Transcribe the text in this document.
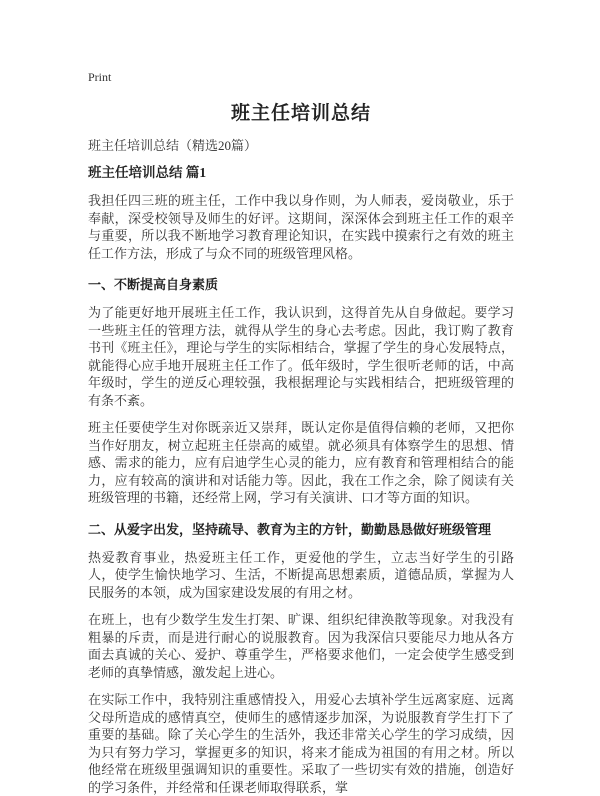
Print
班主任培训总结
班主任培训总结（精选20篇）
班主任培训总结 篇1

我担任四三班的班主任，工作中我以身作则，为人师表，爱岗敬业，乐于奉献，深受校领导及师生的好评。这期间，深深体会到班主任工作的艰辛与重要，所以我不断地学习教育理论知识，在实践中摸索行之有效的班主任工作方法，形成了与众不同的班级管理风格。

一、不断提高自身素质

为了能更好地开展班主任工作，我认识到，这得首先从自身做起。要学习一些班主任的管理方法，就得从学生的身心去考虑。因此，我订购了教育书刊《班主任》，理论与学生的实际相结合，掌握了学生的身心发展特点，就能得心应手地开展班主任工作了。低年级时，学生很听老师的话，中高年级时，学生的逆反心理较强，我根据理论与实践相结合，把班级管理的有条不紊。

班主任要使学生对你既亲近又崇拜，既认定你是值得信赖的老师，又把你当作好朋友，树立起班主任崇高的威望。就必须具有体察学生的思想、情感、需求的能力，应有启迪学生心灵的能力，应有教育和管理相结合的能力，应有较高的演讲和对话能力等。因此，我在工作之余，除了阅读有关班级管理的书籍，还经常上网，学习有关演讲、口才等方面的知识。

二、从爱字出发，坚持疏导、教育为主的方针，勤勤恳恳做好班级管理

热爱教育事业，热爱班主任工作，更爱他的学生，立志当好学生的引路人，使学生愉快地学习、生活，不断提高思想素质，道德品质，掌握为人民服务的本领，成为国家建设发展的有用之材。

在班上，也有少数学生发生打架、旷课、组织纪律涣散等现象。对我没有粗暴的斥责，而是进行耐心的说服教育。因为我深信只要能尽力地从各方面去真诚的关心、爱护、尊重学生，严格要求他们，一定会使学生感受到老师的真挚情感，激发起上进心。

在实际工作中，我特别注重感情投入，用爱心去填补学生远离家庭、远离父母所造成的感情真空，使师生的感情逐步加深，为说服教育学生打下了重要的基础。除了关心学生的生活外，我还非常关心学生的学习成绩，因为只有努力学习，掌握更多的知识，将来才能成为祖国的有用之材。所以他经常在班级里强调知识的重要性。采取了一些切实有效的措施，创造好的学习条件，并经常和任课老师取得联系，掌
